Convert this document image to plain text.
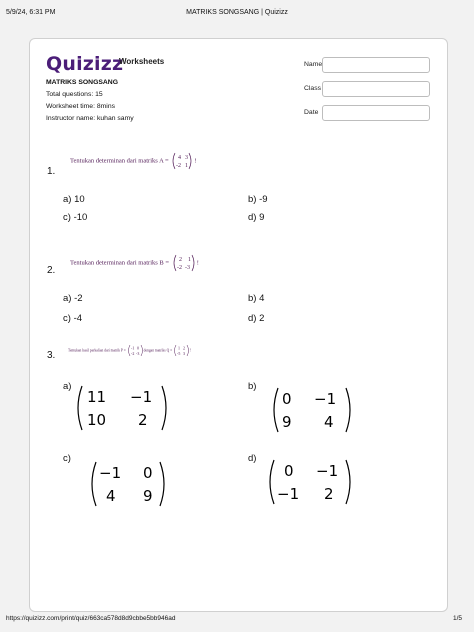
5/9/24, 6:31 PM	MATRIKS SONGSANG | Quizizz
Quizizz
Worksheets
MATRIKS SONGSANG
Total questions: 15
Worksheet time: 8mins
Instructor name: kuhan samy
Name
Class
Date
1.
Tentukan determinan dari matriks A = 4 3
-2 1
!
a) 10	b) -9
c) -10	d) 9
2.
Tentukan determinan dari matriks B = 2 1
-2 -3
!
a) -2	b) 4
c) -4	d) 2
3.	Tentukan hasil perkalian dari matrik P = -1 0
-2 -3
dengan matriks Q = 1 2
-5 3
!
a)
11 −1
10 2
b)
0 −1
9 4
c)
−1 0
4 9
d)
0 −1
−1 2
https://quizizz.com/print/quiz/663ca578d8d9cbbe5bb946ad	1/5
